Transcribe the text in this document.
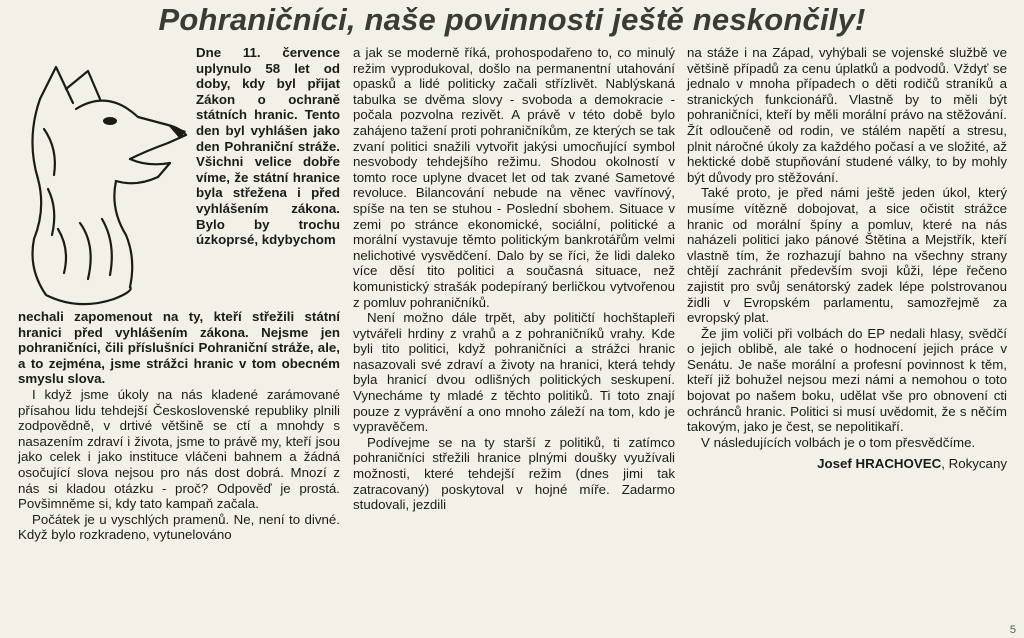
Pohraničníci, naše povinnosti ještě neskončily!
Dne 11. července uplynulo 58 let od doby, kdy byl přijat Zákon o ochraně státních hranic. Tento den byl vyhlášen jako den Pohraniční stráže. Všichni velice dobře víme, že státní hranice byla střežena i před vyhlášením zákona. Bylo by trochu úzkoprsé, kdybychom

nechali zapomenout na ty, kteří střežili státní hranici před vyhlášením zákona. Nejsme jen pohraničníci, čili příslušníci Pohraniční stráže, ale, a to zejména, jsme strážci hranic v tom obecném smyslu slova.

I když jsme úkoly na nás kladené zarámované přísahou lidu tehdejší Československé republiky plnili zodpovědně, v drtivé většině se ctí a mnohdy s nasazením zdraví i života, jsme to právě my, kteří jsou jako celek i jako instituce vláčeni bahnem a žádná osočující slova nejsou pro nás dost dobrá. Mnozí z nás si kladou otázku - proč? Odpověď je prostá. Povšimněme si, kdy tato kampaň začala.

Počátek je u vyschlých pramenů. Ne, není to divné. Když bylo rozkradeno, vytunelováno

a jak se moderně říká, prohospodařeno to, co minulý režim vyprodukoval, došlo na permanentní utahování opasků a lidé politicky začali střízlivět. Nablýskaná tabulka se dvěma slovy - svoboda a demokracie - počala pozvolna rezivět. A právě v této době bylo zahájeno tažení proti pohraničníkům, ze kterých se tak zvaní politici snažili vytvořit jakýsi umocňující symbol nesvobody tehdejšího režimu. Shodou okolností v tomto roce uplyne dvacet let od tak zvané Sametové revoluce. Bilancování nebude na věnec vavřínový, spíše na ten se stuhou - Poslední sbohem. Situace v zemi po stránce ekonomické, sociální, politické a morální vystavuje těmto politickým bankrotářům velmi nelichotivé vysvědčení. Dalo by se říci, že lidi daleko více děsí tito politici a současná situace, než komunistický strašák podepíraný berličkou vytvořenou z pomluv pohraničníků.

Není možno dále trpět, aby političtí hochštaplеři vytvářeli hrdiny z vrahů a z pohraničníků vrahy. Kde byli tito politici, když pohraničníci a strážci hranic nasazovali své zdraví a životy na hranici, která tehdy byla hranicí dvou odlišných politických seskupení. Vynechámе ty mladé z těchto politiků. Ti toto znají pouze z vyprávění a ono mnoho záleží na tom, kdo je vypravěčem.

Podívejme se na ty starší z politiků, ti zatímco pohraničníci střežili hranice plnými doušky využívali možnosti, které tehdejší režim (dnes jimi tak zatracovaný) poskytoval v hojné míře. Zadarmo studovali, jezdili

na stáže i na Západ, vyhýbali se vojenské službě ve většině případů za cenu úplatků a podvodů. Vždyť se jednalo v mnoha případech o děti rodičů straníků a stranických funkcionářů. Vlastně by to měli být pohraničníci, kteří by měli morální právo na stěžování. Žít odloučeně od rodin, ve stálém napětí a stresu, plnit náročné úkoly za každého počasí a ve složité, až hektické době stupňování studené války, to by mohly být důvody pro stěžování.

Také proto, je před námi ještě jeden úkol, který musíme vítězně dobojovat, a sice očistit strážce hranic od morální špíny a pomluv, které na nás naházeli politici jako pánové Štětina a Mejstřík, kteří vlastně tím, že rozhazují bahno na všechny strany chtějí zachránit především svoji kůži, lépe řečeno zajistit pro svůj senátorský zadek lépe polstrovanou židli v Evropském parlamentu, samozřejmě za evropský plat.

Že jim voliči při volbách do EP nedali hlasy, svědčí o jejich oblibě, ale také o hodnocení jejich práce v Senátu. Je naše morální a profesní povinnost k těm, kteří již bohužel nejsou mezi námi a nemohou o toto bojovat po našem boku, udělat vše pro obnovení cti ochránců hranic. Politici si musí uvědomit, že s něčím takovým, jako je čest, se nepolitikaří.

V následujících volbách je o tom přesvědčíme.

Josef HRACHOVEC, Rokycany
5
